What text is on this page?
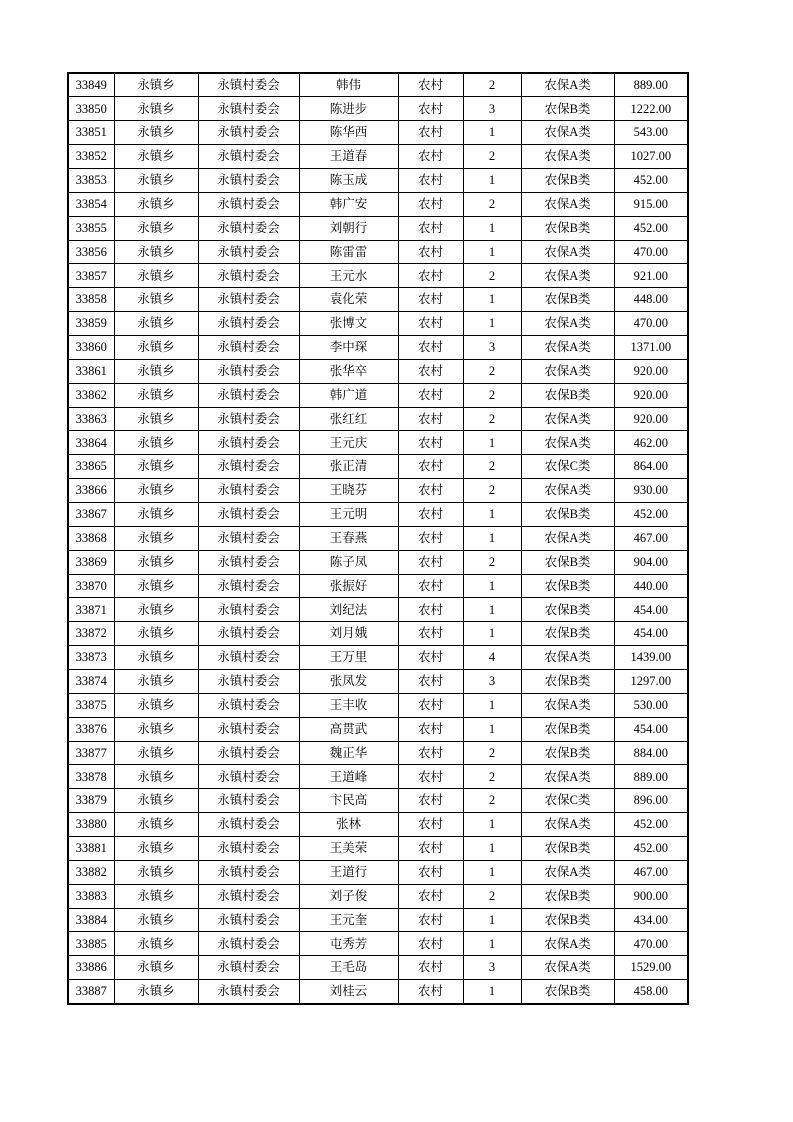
33849	永镇乡	永镇村委会	韩伟	农村	2	农保A类	889.00
33850	永镇乡	永镇村委会	陈进步	农村	3	农保B类	1222.00
33851	永镇乡	永镇村委会	陈华西	农村	1	农保A类	543.00
33852	永镇乡	永镇村委会	王道春	农村	2	农保A类	1027.00
33853	永镇乡	永镇村委会	陈玉成	农村	1	农保B类	452.00
33854	永镇乡	永镇村委会	韩广安	农村	2	农保A类	915.00
33855	永镇乡	永镇村委会	刘朝行	农村	1	农保B类	452.00
33856	永镇乡	永镇村委会	陈雷雷	农村	1	农保A类	470.00
33857	永镇乡	永镇村委会	王元水	农村	2	农保A类	921.00
33858	永镇乡	永镇村委会	袁化荣	农村	1	农保B类	448.00
33859	永镇乡	永镇村委会	张博文	农村	1	农保A类	470.00
33860	永镇乡	永镇村委会	李中琛	农村	3	农保A类	1371.00
33861	永镇乡	永镇村委会	张华卒	农村	2	农保A类	920.00
33862	永镇乡	永镇村委会	韩广道	农村	2	农保B类	920.00
33863	永镇乡	永镇村委会	张红红	农村	2	农保A类	920.00
33864	永镇乡	永镇村委会	王元庆	农村	1	农保A类	462.00
33865	永镇乡	永镇村委会	张正清	农村	2	农保C类	864.00
33866	永镇乡	永镇村委会	王晓芬	农村	2	农保A类	930.00
33867	永镇乡	永镇村委会	王元明	农村	1	农保B类	452.00
33868	永镇乡	永镇村委会	王春燕	农村	1	农保A类	467.00
33869	永镇乡	永镇村委会	陈子凤	农村	2	农保B类	904.00
33870	永镇乡	永镇村委会	张振好	农村	1	农保B类	440.00
33871	永镇乡	永镇村委会	刘纪法	农村	1	农保B类	454.00
33872	永镇乡	永镇村委会	刘月娥	农村	1	农保B类	454.00
33873	永镇乡	永镇村委会	王万里	农村	4	农保A类	1439.00
33874	永镇乡	永镇村委会	张凤发	农村	3	农保B类	1297.00
33875	永镇乡	永镇村委会	王丰收	农村	1	农保A类	530.00
33876	永镇乡	永镇村委会	高贯武	农村	1	农保B类	454.00
33877	永镇乡	永镇村委会	魏正华	农村	2	农保B类	884.00
33878	永镇乡	永镇村委会	王道峰	农村	2	农保A类	889.00
33879	永镇乡	永镇村委会	卞民高	农村	2	农保C类	896.00
33880	永镇乡	永镇村委会	张林	农村	1	农保A类	452.00
33881	永镇乡	永镇村委会	王美荣	农村	1	农保B类	452.00
33882	永镇乡	永镇村委会	王道行	农村	1	农保A类	467.00
33883	永镇乡	永镇村委会	刘子俊	农村	2	农保B类	900.00
33884	永镇乡	永镇村委会	王元奎	农村	1	农保B类	434.00
33885	永镇乡	永镇村委会	屯秀芳	农村	1	农保A类	470.00
33886	永镇乡	永镇村委会	王毛岛	农村	3	农保A类	1529.00
33887	永镇乡	永镇村委会	刘桂云	农村	1	农保B类	458.00
